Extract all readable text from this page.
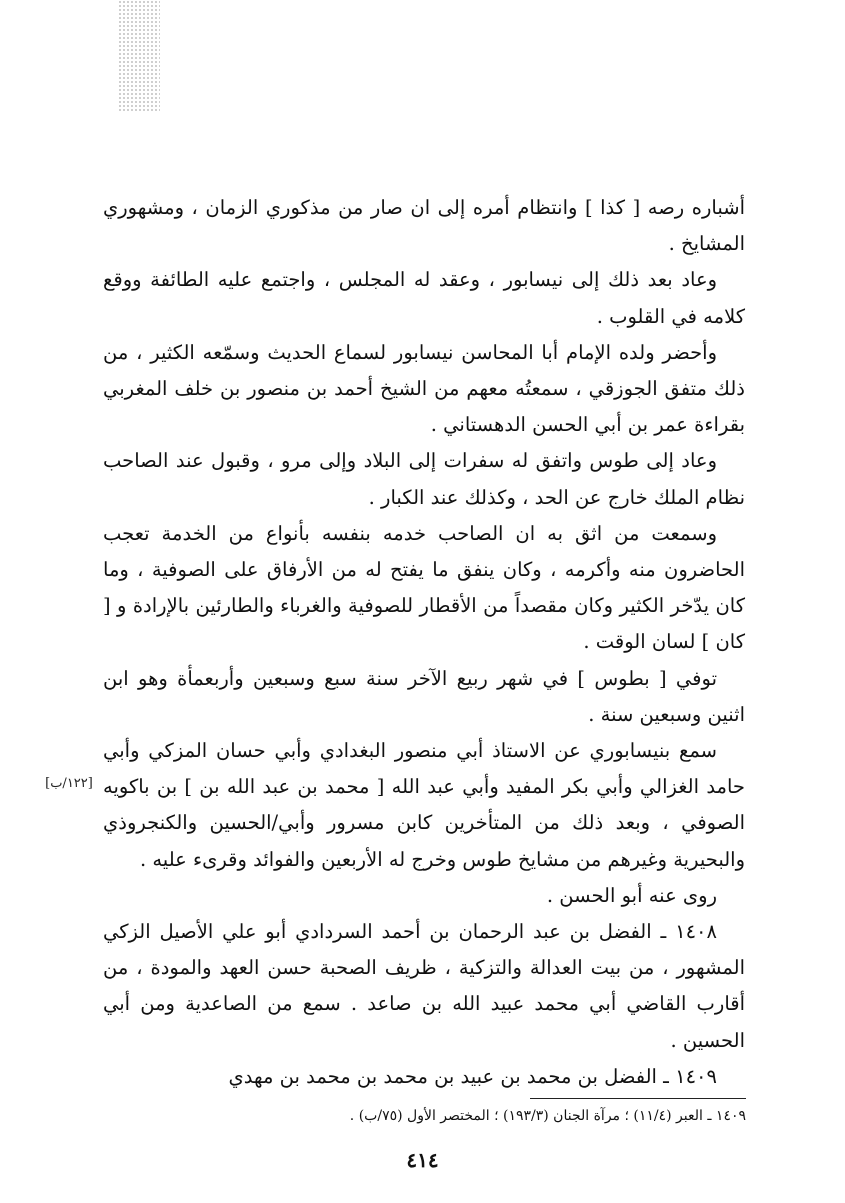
أشباره رصه [ كذا ] وانتظام أمره إلى ان صار من مذكوري الزمان ، ومشهوري المشايخ .

وعاد بعد ذلك إلى نيسابور ، وعقد له المجلس ، واجتمع عليه الطائفة ووقع كلامه في القلوب .

وأحضر ولده الإمام أبا المحاسن نيسابور لسماع الحديث وسمّعه الكثير ، من ذلك متفق الجوزقي ، سمعتُه معهم من الشيخ أحمد بن منصور بن خلف المغربي بقراءة عمر بن أبي الحسن الدهستاني .

وعاد إلى طوس واتفق له سفرات إلى البلاد وإلى مرو ، وقبول عند الصاحب نظام الملك خارج عن الحد ، وكذلك عند الكبار .

وسمعت من اثق به ان الصاحب خدمه بنفسه بأنواع من الخدمة تعجب الحاضرون منه وأكرمه ، وكان ينفق ما يفتح له من الأرفاق على الصوفية ، وما كان يدّخر الكثير وكان مقصداً من الأقطار للصوفية والغرباء والطارئين بالإرادة و [ كان ] لسان الوقت .

توفي [ بطوس ] في شهر ربيع الآخر سنة سبع وسبعين وأربعمأة وهو ابن اثنين وسبعين سنة .

سمع بنيسابوري عن الاستاذ أبي منصور البغدادي وأبي حسان المزكي وأبي حامد الغزالي وأبي بكر المفيد وأبي عبد الله [ محمد بن عبد الله بن ] بن باكويه الصوفي ، وبعد ذلك من المتأخرين كابن مسرور وأبي/الحسين والكنجروذي والبحيرية وغيرهم من مشايخ طوس وخرج له الأربعين والفوائد وقرىء عليه .

روى عنه أبو الحسن .

١٤٠٨ ـ الفضل بن عبد الرحمان بن أحمد السردادي أبو علي الأصيل الزكي المشهور ، من بيت العدالة والتزكية ، ظريف الصحبة حسن العهد والمودة ، من أقارب القاضي أبي محمد عبيد الله بن صاعد . سمع من الصاعدية ومن أبي الحسين .

١٤٠٩ ـ الفضل بن محمد بن عبيد بن محمد بن محمد بن مهدي

[١٢٢/ب]

١٤٠٩ ـ العبر (١١/٤) ؛ مرآة الجنان (١٩٣/٣) ؛ المختصر الأول (٧٥/ب) .

٤١٤
